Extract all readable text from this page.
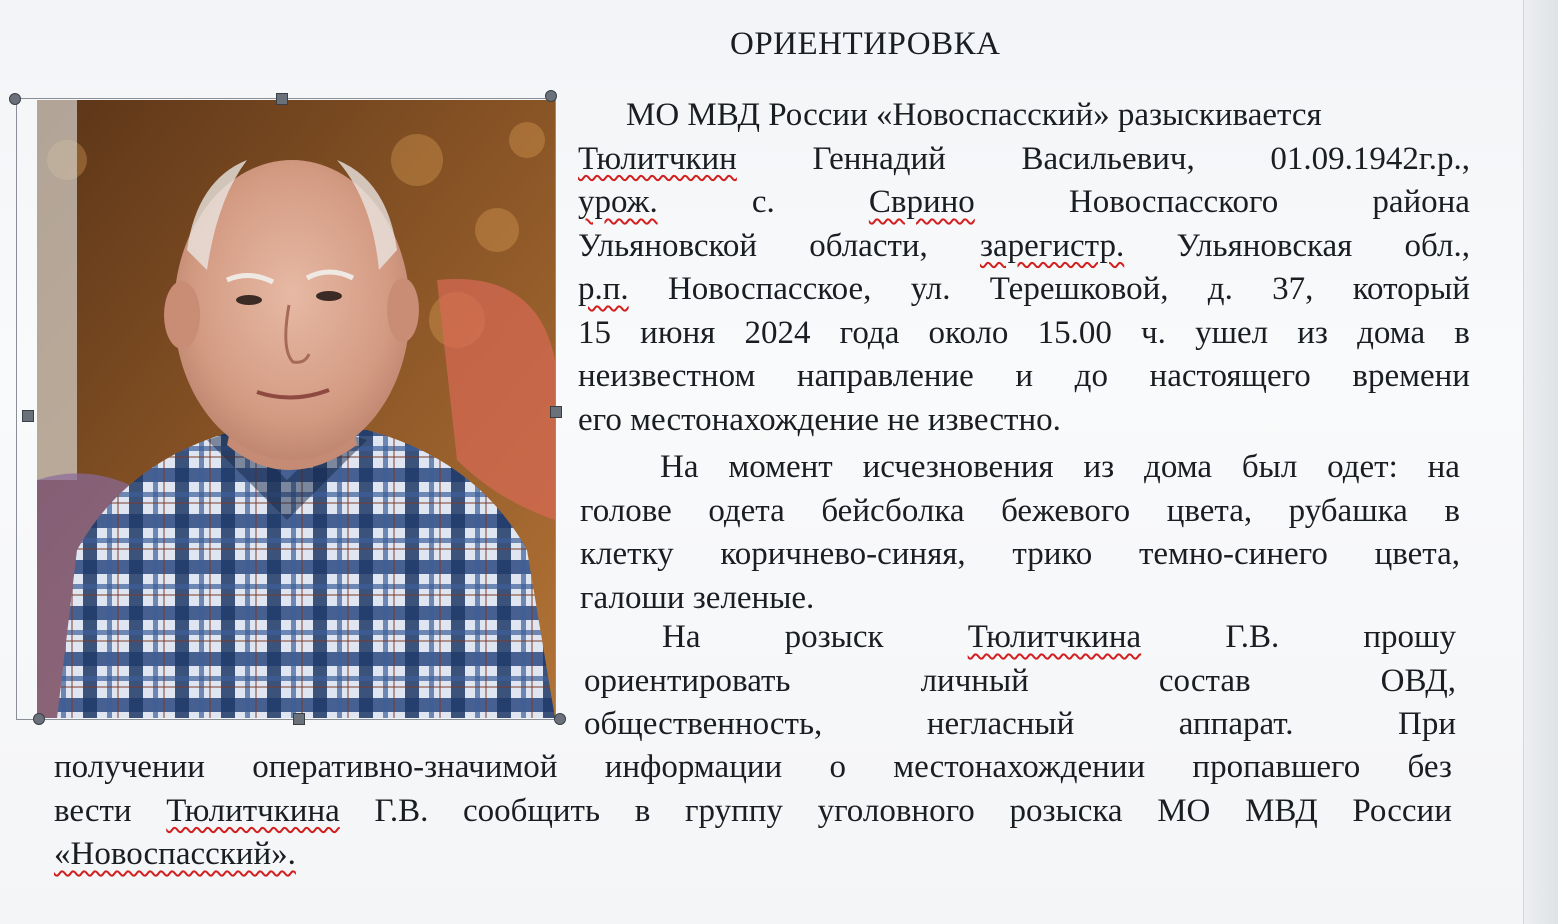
ОРИЕНТИРОВКА
МО МВД России «Новоспасский» разыскивается
Тюлитчкин Геннадий Васильевич, 01.09.1942г.р.,
урож.	с.	Сврино	Новоспасского	района
Ульяновской области, зарегистр. Ульяновская обл.,
р.п. Новоспасское, ул. Терешковой, д. 37, который
15 июня 2024 года около 15.00 ч. ушел из дома в
неизвестном направление и до настоящего времени
его местонахождение не известно.
На момент исчезновения из дома был одет: на
голове одета бейсболка бежевого цвета, рубашка в
клетку коричнево-синяя, трико темно-синего цвета,
галоши зеленые.
На	розыск	Тюлитчкина	Г.В.	прошу
ориентировать	личный	состав	ОВД,
общественность,	негласный	аппарат.	При
получении оперативно-значимой информации о местонахождении пропавшего без
вести Тюлитчкина Г.В. сообщить в группу уголовного розыска МО МВД России
«Новоспасский».
